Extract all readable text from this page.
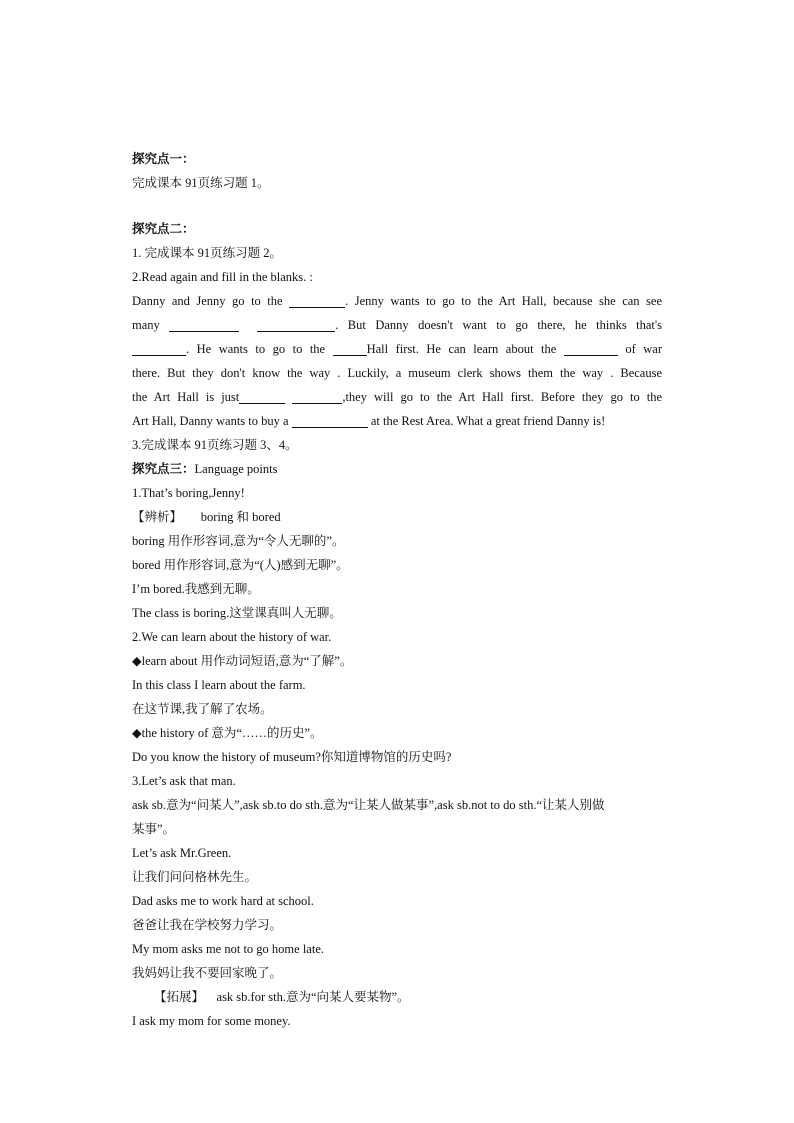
探究点一：
完成课本 91页练习题 1。
探究点二：
1. 完成课本 91页练习题 2。
2.Read again and fill in the blanks. :
Danny and Jenny go to the	. Jenny wants to go to the Art Hall, because she can see
many	. But Danny doesn't want to go there, he thinks that's
. He wants to go to the	Hall first. He can learn about the	of war
there. But they don't know the way . Luckily, a museum clerk shows them the way . Because
the Art Hall is just	,they will go to the Art Hall first. Before they go to the
Art Hall, Danny wants to buy a	at the Rest Area. What a great friend Danny is!
3.完成课本 91页练习题 3、4。
探究点三：Language points
1.That’s boring,Jenny!
【辨析】 boring 和 bored
boring 用作形容词,意为“令人无聊的”。
bored 用作形容词,意为“(人)感到无聊”。
I’m bored.我感到无聊。
The class is boring.这堂课真叫人无聊。
2.We can learn about the history of war.
◆learn about 用作动词短语,意为“了解”。
In this class I learn about the farm.
在这节课,我了解了农场。
◆the history of 意为“……的历史”。
Do you know the history of museum?你知道博物馆的历史吗?
3.Let’s ask that man.
ask sb.意为“问某人”,ask sb.to do sth.意为“让某人做某事”,ask sb.not to do sth.“让某人别做
某事”。
Let’s ask Mr.Green.
让我们问问格林先生。
Dad asks me to work hard at school.
爸爸让我在学校努力学习。
My mom asks me not to go home late.
我妈妈让我不要回家晚了。
【拓展】 ask sb.for sth.意为“向某人要某物”。
I ask my mom for some money.
